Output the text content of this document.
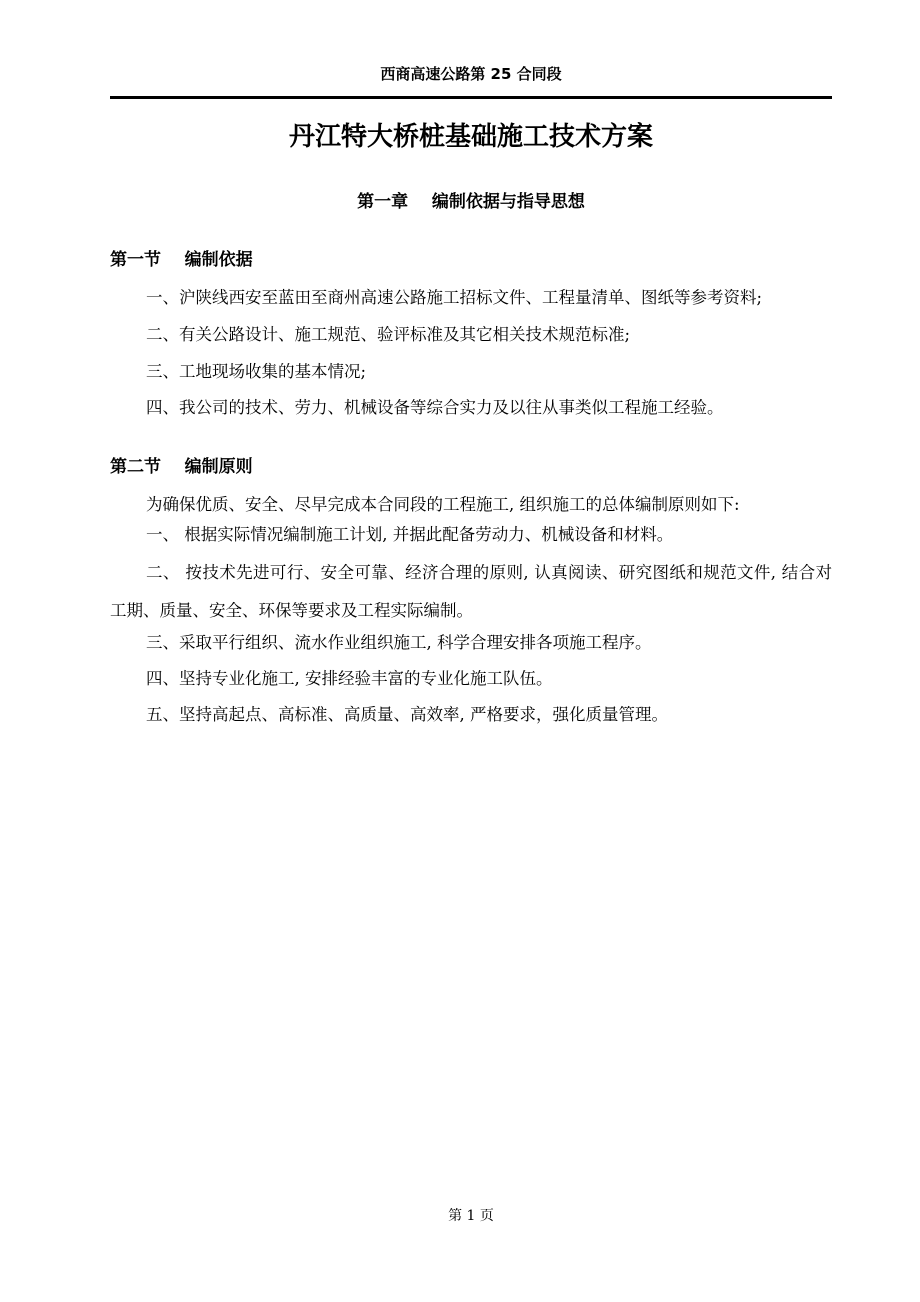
西商高速公路第 25 合同段
丹江特大桥桩基础施工技术方案
第一章    编制依据与指导思想
第一节    编制依据

一、沪陕线西安至蓝田至商州高速公路施工招标文件、工程量清单、图纸等参考资料;

二、有关公路设计、施工规范、验评标准及其它相关技术规范标准;

三、工地现场收集的基本情况;

四、我公司的技术、劳力、机械设备等综合实力及以往从事类似工程施工经验。

第二节    编制原则

为确保优质、安全、尽早完成本合同段的工程施工, 组织施工的总体编制原则如下:

一、 根据实际情况编制施工计划, 并据此配备劳动力、机械设备和材料。

二、 按技术先进可行、安全可靠、经济合理的原则, 认真阅读、研究图纸和规范文件, 结合对工期、质量、安全、环保等要求及工程实际编制。

三、采取平行组织、流水作业组织施工, 科学合理安排各项施工程序。

四、坚持专业化施工, 安排经验丰富的专业化施工队伍。

五、坚持高起点、高标准、高质量、高效率, 严格要求，强化质量管理。

第 1 页
